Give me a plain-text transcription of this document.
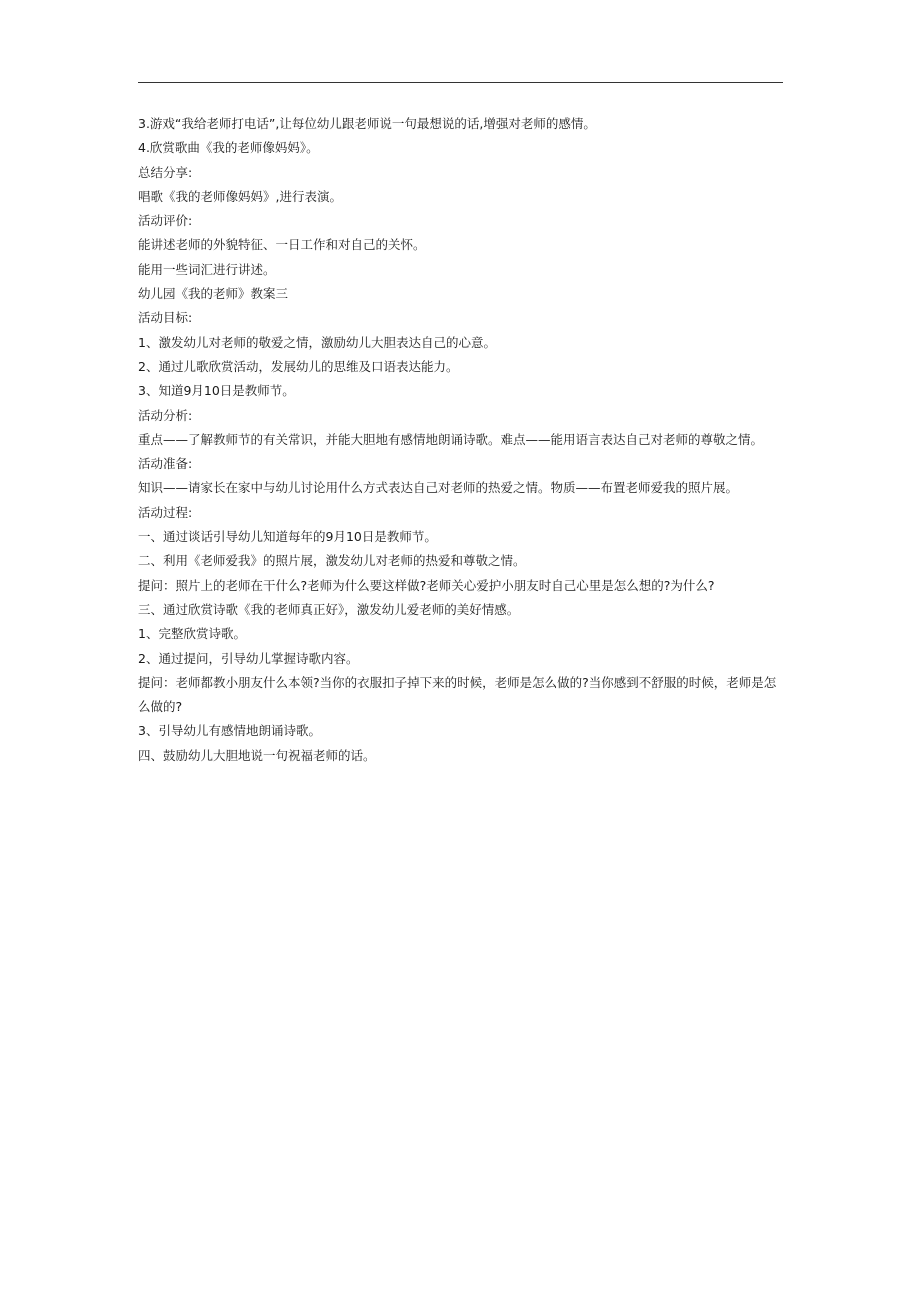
3.游戏“我给老师打电话”,让每位幼儿跟老师说一句最想说的话,增强对老师的感情。

4.欣赏歌曲《我的老师像妈妈》。

总结分享:

唱歌《我的老师像妈妈》,进行表演。

活动评价:

能讲述老师的外貌特征、一日工作和对自己的关怀。

能用一些词汇进行讲述。

幼儿园《我的老师》教案三

活动目标:

1、激发幼儿对老师的敬爱之情，激励幼儿大胆表达自己的心意。

2、通过儿歌欣赏活动，发展幼儿的思维及口语表达能力。

3、知道9月10日是教师节。

活动分析:

重点——了解教师节的有关常识，并能大胆地有感情地朗诵诗歌。难点——能用语言表达自己对老师的尊敬之情。

活动准备:

知识——请家长在家中与幼儿讨论用什么方式表达自己对老师的热爱之情。物质——布置老师爱我的照片展。

活动过程:

一、通过谈话引导幼儿知道每年的9月10日是教师节。

二、利用《老师爱我》的照片展，激发幼儿对老师的热爱和尊敬之情。

提问：照片上的老师在干什么?老师为什么要这样做?老师关心爱护小朋友时自己心里是怎么想的?为什么?

三、通过欣赏诗歌《我的老师真正好》，激发幼儿爱老师的美好情感。

1、完整欣赏诗歌。

2、通过提问，引导幼儿掌握诗歌内容。

提问：老师都教小朋友什么本领?当你的衣服扣子掉下来的时候，老师是怎么做的?当你感到不舒服的时候，老师是怎么做的?

3、引导幼儿有感情地朗诵诗歌。

四、鼓励幼儿大胆地说一句祝福老师的话。
